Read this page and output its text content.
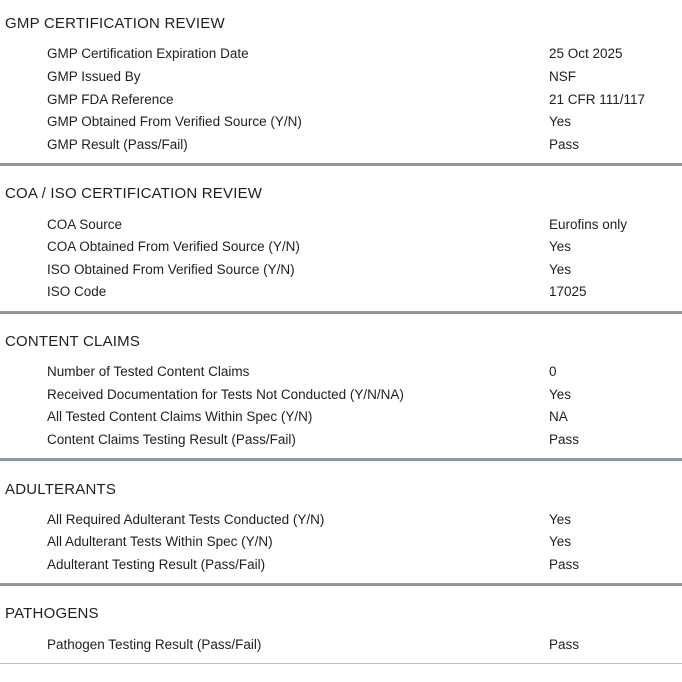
GMP CERTIFICATION REVIEW
GMP Certification Expiration Date	25 Oct 2025
GMP Issued By	NSF
GMP FDA Reference	21 CFR 111/117
GMP Obtained From Verified Source (Y/N)	Yes
GMP Result (Pass/Fail)	Pass
COA / ISO CERTIFICATION REVIEW
COA Source	Eurofins only
COA Obtained From Verified Source (Y/N)	Yes
ISO Obtained From Verified Source (Y/N)	Yes
ISO Code	17025
CONTENT CLAIMS
Number of Tested Content Claims	0
Received Documentation for Tests Not Conducted (Y/N/NA)	Yes
All Tested Content Claims Within Spec (Y/N)	NA
Content Claims Testing Result (Pass/Fail)	Pass
ADULTERANTS
All Required Adulterant Tests Conducted (Y/N)	Yes
All Adulterant Tests Within Spec (Y/N)	Yes
Adulterant Testing Result (Pass/Fail)	Pass
PATHOGENS
Pathogen Testing Result (Pass/Fail)	Pass
